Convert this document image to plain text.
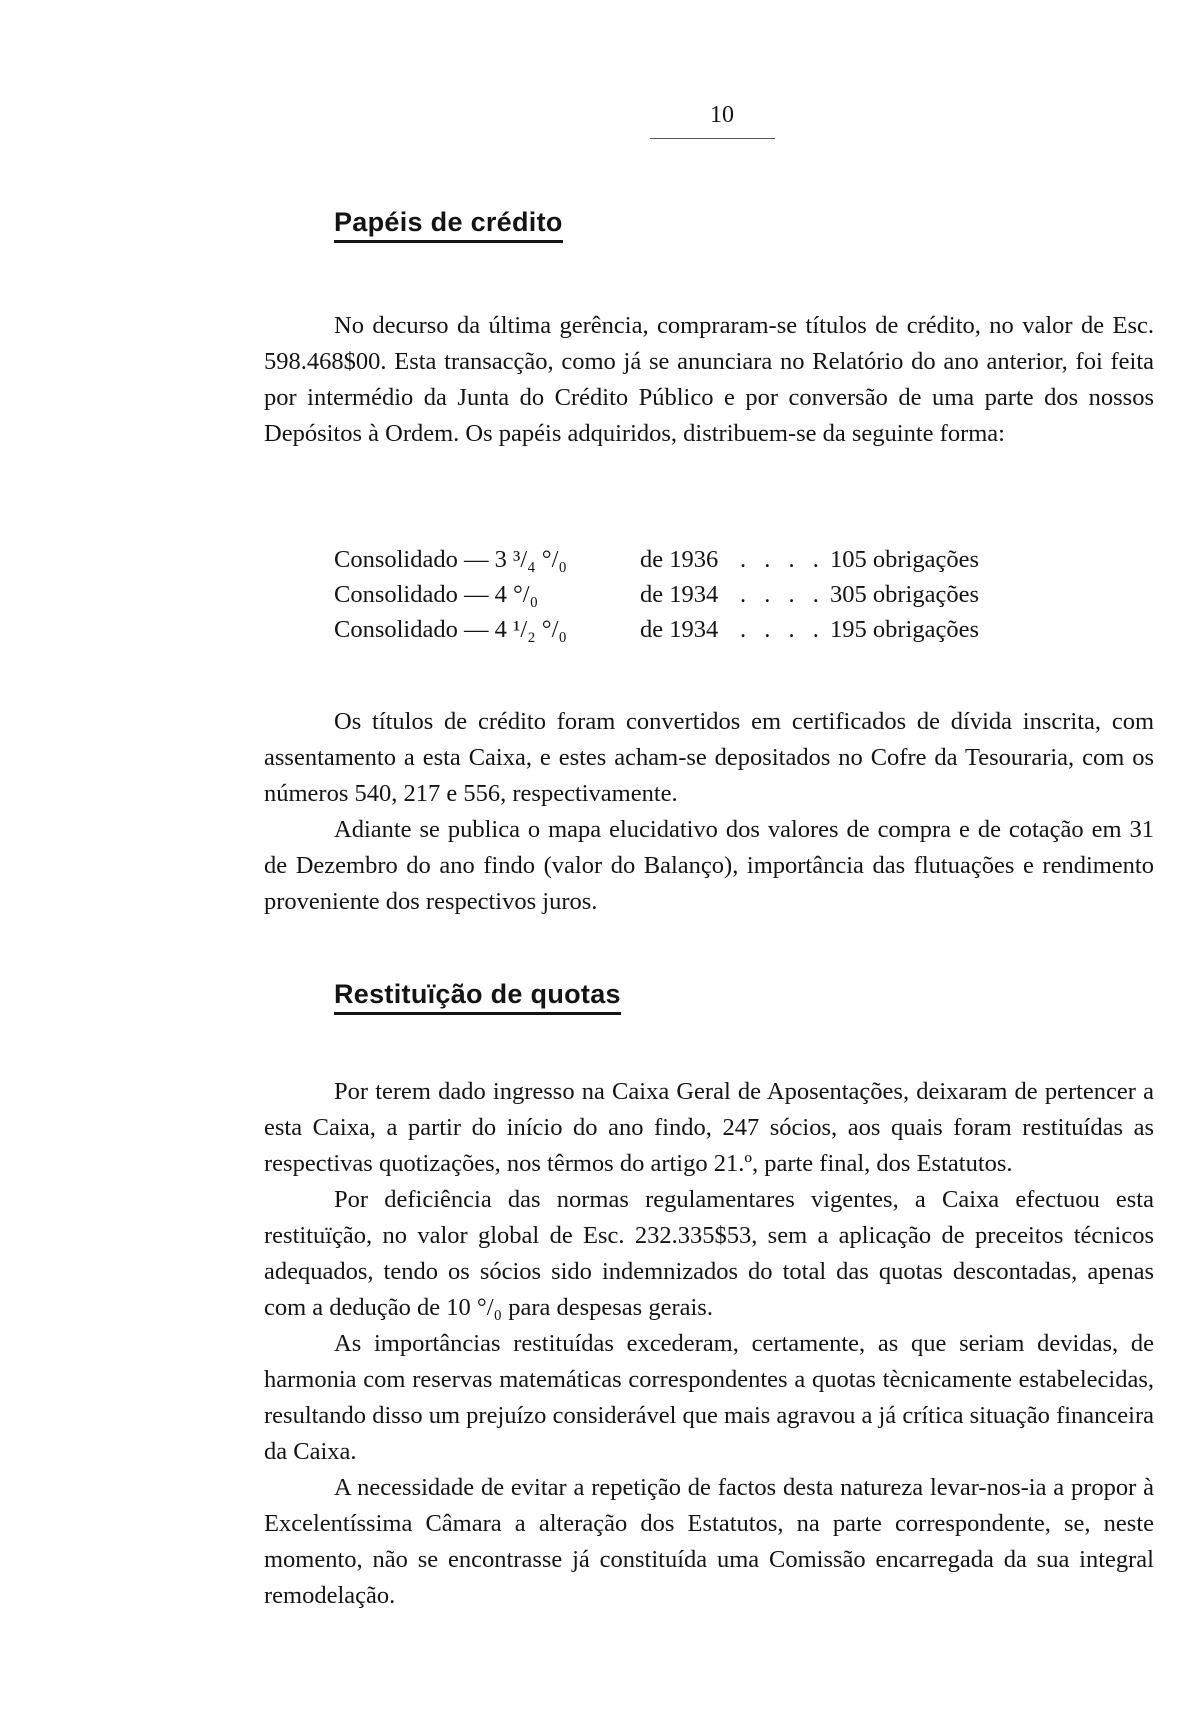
10
Papéis de crédito

No decurso da última gerência, compraram-se títulos de crédito, no valor de Esc. 598.468$00. Esta transacção, como já se anunciara no Relatório do ano anterior, foi feita por intermédio da Junta do Crédito Público e por conversão de uma parte dos nossos Depósitos à Ordem. Os papéis adquiridos, distribuem-se da seguinte forma:

Consolidado — 3 ³/₄ °/₀	de 1936 . . . . 105 obrigações
Consolidado — 4 °/₀	de 1934 . . . . 305 obrigações
Consolidado — 4 ¹/₂ °/₀	de 1934 . . . . 195 obrigações

Os títulos de crédito foram convertidos em certificados de dívida inscrita, com assentamento a esta Caixa, e estes acham-se depositados no Cofre da Tesouraria, com os números 540, 217 e 556, respectivamente.

Adiante se publica o mapa elucidativo dos valores de compra e de cotação em 31 de Dezembro do ano findo (valor do Balanço), importância das flutuações e rendimento proveniente dos respectivos juros.

Restituïção de quotas

Por terem dado ingresso na Caixa Geral de Aposentações, deixaram de pertencer a esta Caixa, a partir do início do ano findo, 247 sócios, aos quais foram restituídas as respectivas quotizações, nos têrmos do artigo 21.º, parte final, dos Estatutos.

Por deficiência das normas regulamentares vigentes, a Caixa efectuou esta restituïção, no valor global de Esc. 232.335$53, sem a aplicação de preceitos técnicos adequados, tendo os sócios sido indemnizados do total das quotas descontadas, apenas com a dedução de 10 °/₀ para despesas gerais.

As importâncias restituídas excederam, certamente, as que seriam devidas, de harmonia com reservas matemáticas correspondentes a quotas tècnicamente estabelecidas, resultando disso um prejuízo considerável que mais agravou a já crítica situação financeira da Caixa.

A necessidade de evitar a repetição de factos desta natureza levar-nos-ia a propor à Excelentíssima Câmara a alteração dos Estatutos, na parte correspondente, se, neste momento, não se encontrasse já constituída uma Comissão encarregada da sua integral remodelação.
